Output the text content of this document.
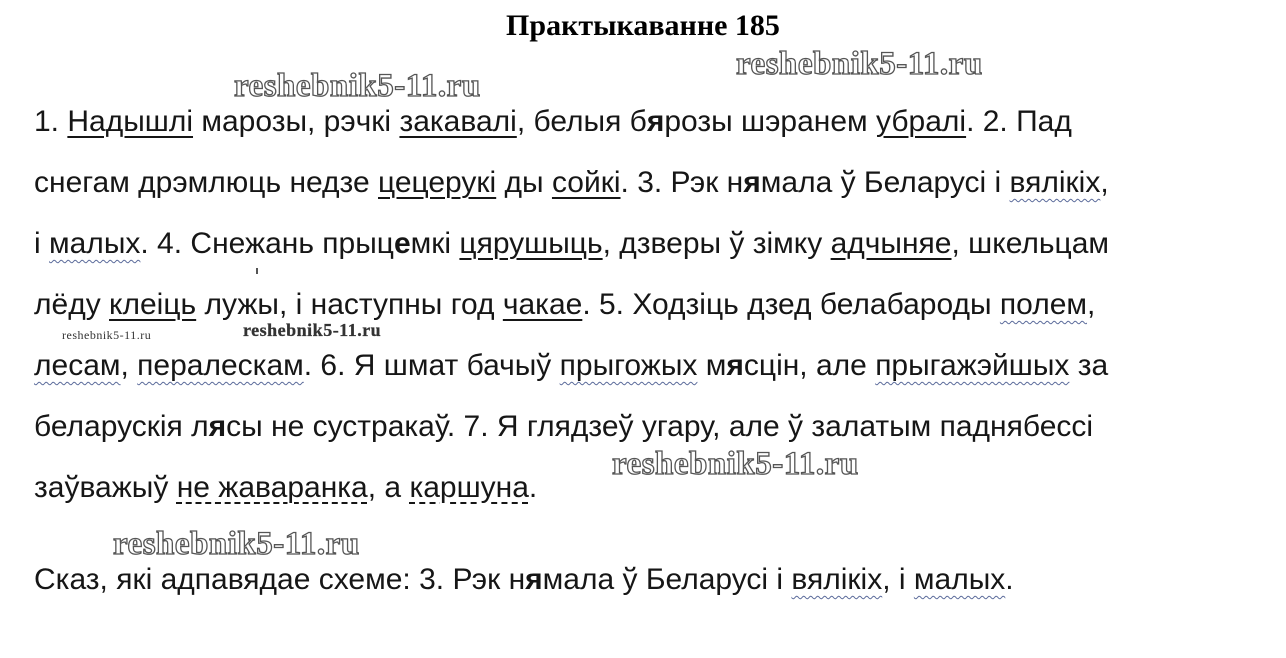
Практыкаванне 185
reshebnik5-11.ru
reshebnik5-11.ru
reshebnik5-11.ru	reshebnik5-11.ru
reshebnik5-11.ru
reshebnik5-11.ru
1. Надышлі марозы, рэчкі закавалі, белыя бярозы шэранем убралі. 2. Пад
снегам дрэмлюць недзе цецерукі ды сойкі. 3. Рэк нямала ў Беларусі і вялікіх,
і малых. 4. Снежань прыцемкі цярушыць, дзверы ў зімку адчыняе, шкельцам
лёду клеіць лужы, і наступны год чакае. 5. Ходзіць дзед белабароды полем,
лесам, пералескам. 6. Я шмат бачыў прыгожых мясцін, але прыгажэйшых за
беларускія лясы не сустракаў. 7. Я глядзеў угару, але ў залатым паднябессі
заўважыў не жаваранка, а каршуна.
Сказ, які адпавядае схеме: 3. Рэк нямала ў Беларусі і вялікіх, і малых.
